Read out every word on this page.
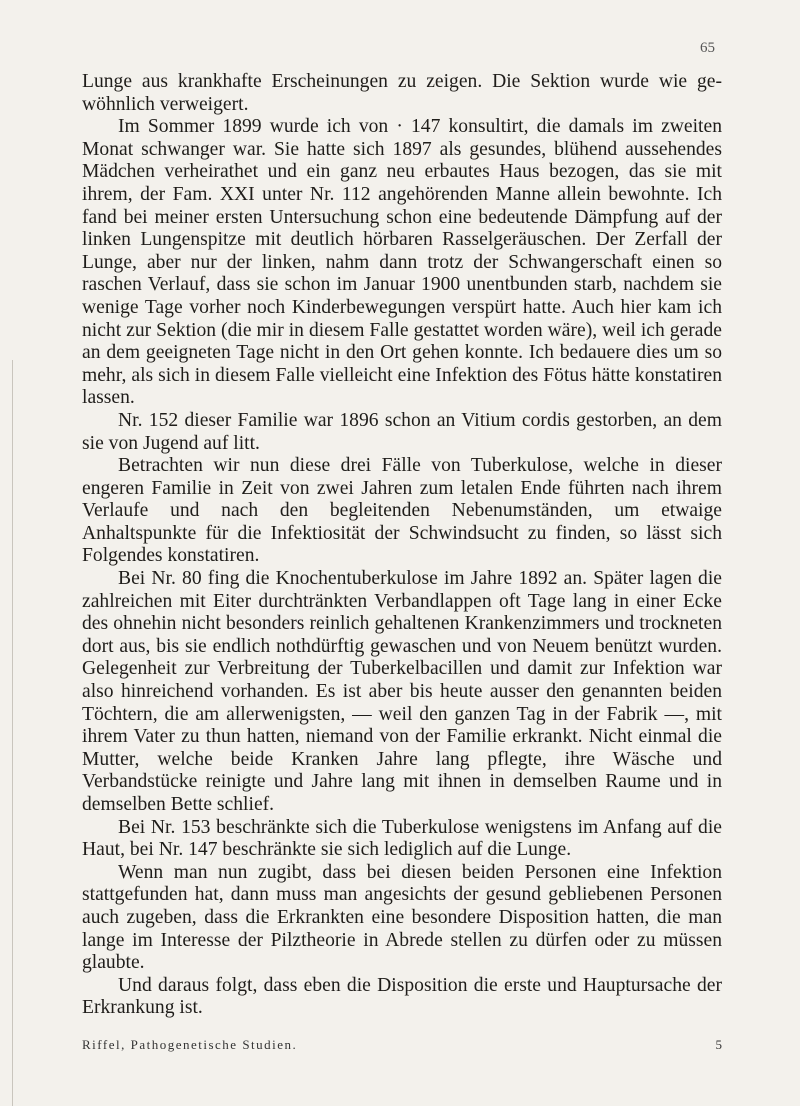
65

Lunge aus krankhafte Erscheinungen zu zeigen. Die Sektion wurde wie gewöhnlich verweigert.

Im Sommer 1899 wurde ich von · 147 konsultirt, die damals im zweiten Monat schwanger war. Sie hatte sich 1897 als gesundes, blühend aussehendes Mädchen verheirathet und ein ganz neu erbautes Haus bezogen, das sie mit ihrem, der Fam. XXI unter Nr. 112 angehörenden Manne allein bewohnte. Ich fand bei meiner ersten Untersuchung schon eine bedeutende Dämpfung auf der linken Lungenspitze mit deutlich hörbaren Rasselgeräuschen. Der Zerfall der Lunge, aber nur der linken, nahm dann trotz der Schwangerschaft einen so raschen Verlauf, dass sie schon im Januar 1900 unentbunden starb, nachdem sie wenige Tage vorher noch Kinderbewegungen verspürt hatte. Auch hier kam ich nicht zur Sektion (die mir in diesem Falle gestattet worden wäre), weil ich gerade an dem geeigneten Tage nicht in den Ort gehen konnte. Ich bedauere dies um so mehr, als sich in diesem Falle vielleicht eine Infektion des Fötus hätte konstatiren lassen.

Nr. 152 dieser Familie war 1896 schon an Vitium cordis gestorben, an dem sie von Jugend auf litt.

Betrachten wir nun diese drei Fälle von Tuberkulose, welche in dieser engeren Familie in Zeit von zwei Jahren zum letalen Ende führten nach ihrem Verlaufe und nach den begleitenden Nebenumständen, um etwaige Anhaltspunkte für die Infektiosität der Schwindsucht zu finden, so lässt sich Folgendes konstatiren.

Bei Nr. 80 fing die Knochentuberkulose im Jahre 1892 an. Später lagen die zahlreichen mit Eiter durchtränkten Verbandlappen oft Tage lang in einer Ecke des ohnehin nicht besonders reinlich gehaltenen Krankenzimmers und trockneten dort aus, bis sie endlich nothdürftig gewaschen und von Neuem benützt wurden. Gelegenheit zur Verbreitung der Tuberkelbacillen und damit zur Infektion war also hinreichend vorhanden. Es ist aber bis heute ausser den genannten beiden Töchtern, die am allerwenigsten, — weil den ganzen Tag in der Fabrik —, mit ihrem Vater zu thun hatten, niemand von der Familie erkrankt. Nicht einmal die Mutter, welche beide Kranken Jahre lang pflegte, ihre Wäsche und Verbandstücke reinigte und Jahre lang mit ihnen in demselben Raume und in demselben Bette schlief.

Bei Nr. 153 beschränkte sich die Tuberkulose wenigstens im Anfang auf die Haut, bei Nr. 147 beschränkte sie sich lediglich auf die Lunge.

Wenn man nun zugibt, dass bei diesen beiden Personen eine Infektion stattgefunden hat, dann muss man angesichts der gesund gebliebenen Personen auch zugeben, dass die Erkrankten eine besondere Disposition hatten, die man lange im Interesse der Pilztheorie in Abrede stellen zu dürfen oder zu müssen glaubte.

Und daraus folgt, dass eben die Disposition die erste und Hauptursache der Erkrankung ist.

Riffel, Pathogenetische Studien.	5
